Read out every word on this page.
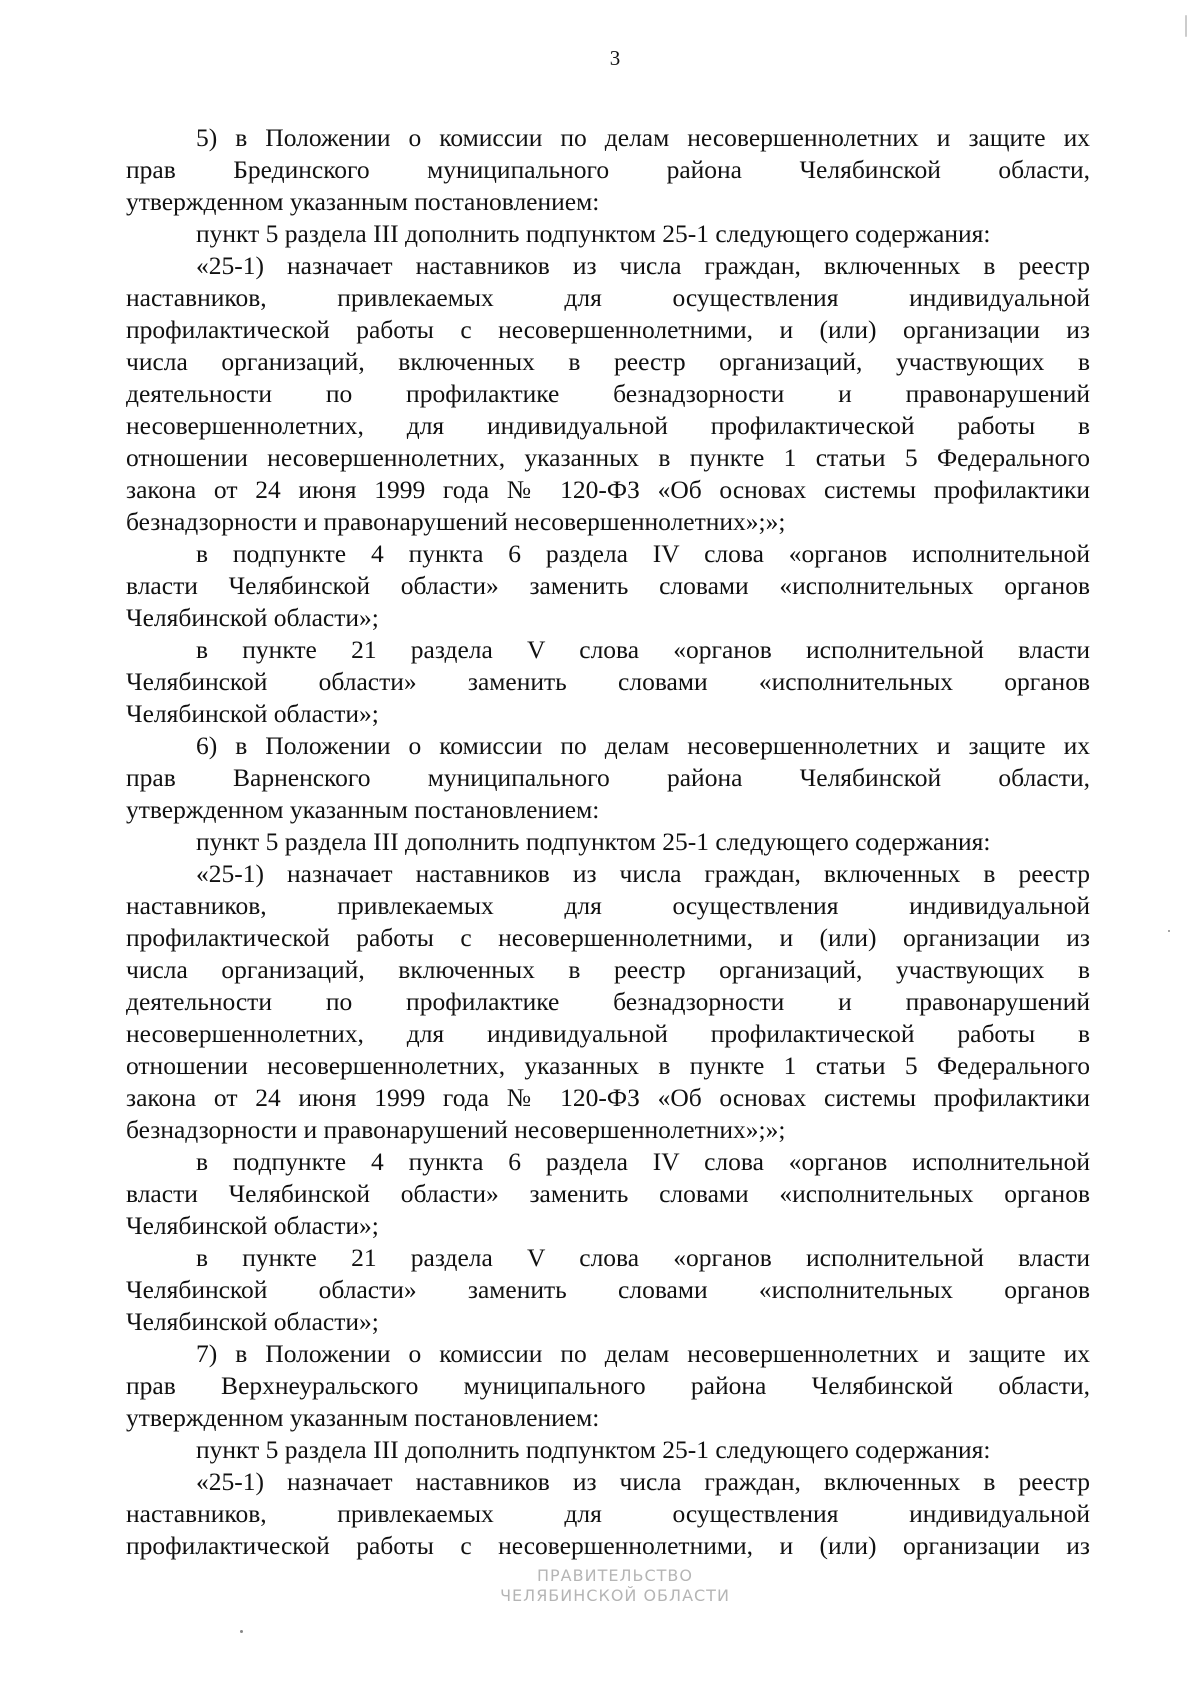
3
5) в Положении о комиссии по делам несовершеннолетних и защите их
прав Брединского муниципального района Челябинской области,
утвержденном указанным постановлением:
пункт 5 раздела III дополнить подпунктом 25-1 следующего содержания:
«25-1) назначает наставников из числа граждан, включенных в реестр
наставников, привлекаемых для осуществления индивидуальной
профилактической работы с несовершеннолетними, и (или) организации из
числа организаций, включенных в реестр организаций, участвующих в
деятельности по профилактике безнадзорности и правонарушений
несовершеннолетних, для индивидуальной профилактической работы в
отношении несовершеннолетних, указанных в пункте 1 статьи 5 Федерального
закона от 24 июня 1999 года № 120-ФЗ «Об основах системы профилактики
безнадзорности и правонарушений несовершеннолетних»;»;
в подпункте 4 пункта 6 раздела IV слова «органов исполнительной
власти Челябинской области» заменить словами «исполнительных органов
Челябинской области»;
в пункте 21 раздела V слова «органов исполнительной власти
Челябинской области» заменить словами «исполнительных органов
Челябинской области»;
6) в Положении о комиссии по делам несовершеннолетних и защите их
прав Варненского муниципального района Челябинской области,
утвержденном указанным постановлением:
пункт 5 раздела III дополнить подпунктом 25-1 следующего содержания:
«25-1) назначает наставников из числа граждан, включенных в реестр
наставников, привлекаемых для осуществления индивидуальной
профилактической работы с несовершеннолетними, и (или) организации из
числа организаций, включенных в реестр организаций, участвующих в
деятельности по профилактике безнадзорности и правонарушений
несовершеннолетних, для индивидуальной профилактической работы в
отношении несовершеннолетних, указанных в пункте 1 статьи 5 Федерального
закона от 24 июня 1999 года № 120-ФЗ «Об основах системы профилактики
безнадзорности и правонарушений несовершеннолетних»;»;
в подпункте 4 пункта 6 раздела IV слова «органов исполнительной
власти Челябинской области» заменить словами «исполнительных органов
Челябинской области»;
в пункте 21 раздела V слова «органов исполнительной власти
Челябинской области» заменить словами «исполнительных органов
Челябинской области»;
7) в Положении о комиссии по делам несовершеннолетних и защите их
прав Верхнеуральского муниципального района Челябинской области,
утвержденном указанным постановлением:
пункт 5 раздела III дополнить подпунктом 25-1 следующего содержания:
«25-1) назначает наставников из числа граждан, включенных в реестр
наставников, привлекаемых для осуществления индивидуальной
профилактической работы с несовершеннолетними, и (или) организации из
ПРАВИТЕЛЬСТВО
ЧЕЛЯБИНСКОЙ ОБЛАСТИ
